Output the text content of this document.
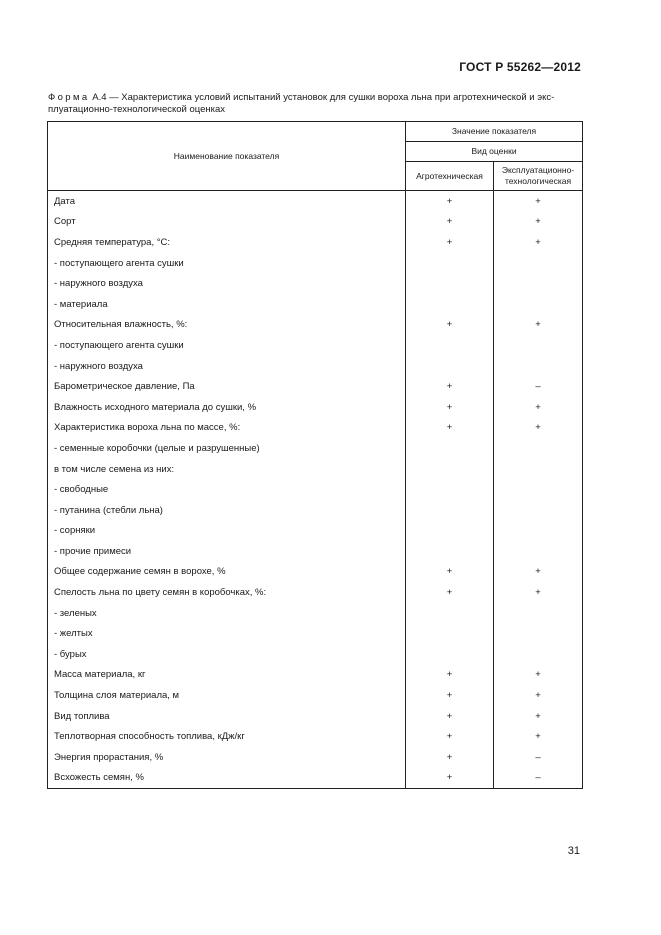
ГОСТ Р 55262—2012
Форма А.4 — Характеристика условий испытаний установок для сушки вороха льна при агротехнической и экс-плуатационно-технологической оценках
Наименование показателя	Значение показателя	
	Вид оценки	
	Агротехническая	Эксплуатационно-технологическая
Дата	+	+
Сорт	+	+
Средняя температура, °С:	+	+
- поступающего агента сушки		
- наружного воздуха		
- материала		
Относительная влажность, %:	+	+
- поступающего агента сушки		
- наружного воздуха		
Барометрическое давление, Па	+	–
Влажность исходного материала до сушки, %	+	+
Характеристика вороха льна по массе, %:	+	+
- семенные коробочки (целые и разрушенные)		
в том числе семена из них:		
- свободные		
- путанина (стебли льна)		
- сорняки		
- прочие примеси		
Общее содержание семян в ворохе, %	+	+
Спелость льна по цвету семян в коробочках, %:	+	+
- зеленых		
- желтых		
- бурых		
Масса материала, кг	+	+
Толщина слоя материала, м	+	+
Вид топлива	+	+
Теплотворная способность топлива, кДж/кг	+	+
Энергия прорастания, %	+	–
Всхожесть семян, %	+	–
31
